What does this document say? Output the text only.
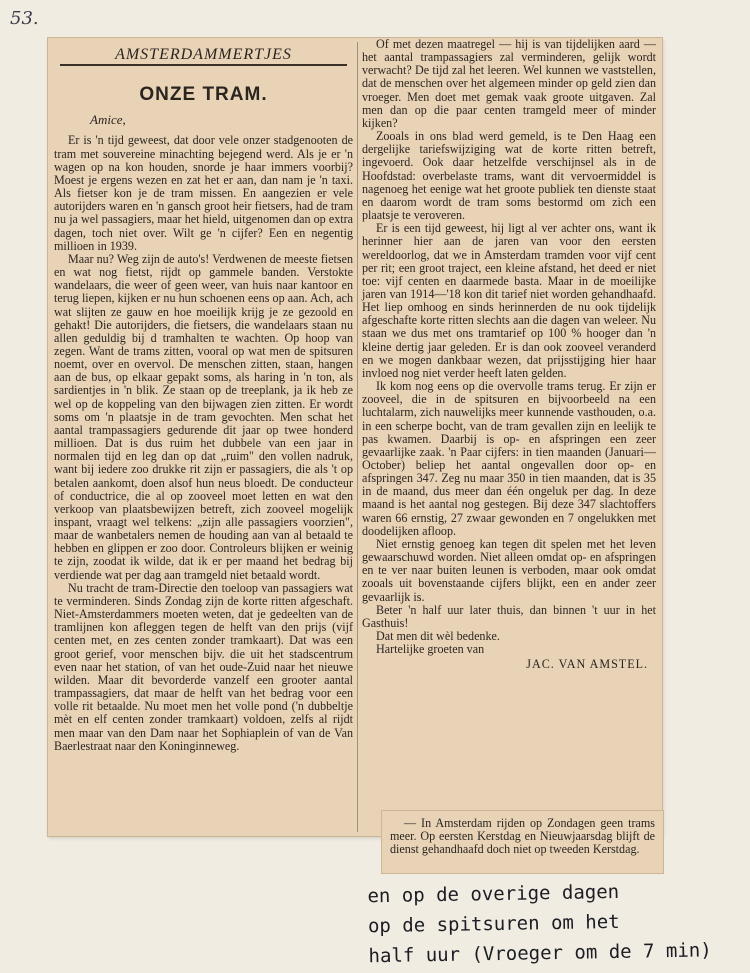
53.
AMSTERDAMMERTJES
ONZE TRAM.

Amice,

Er is 'n tijd geweest, dat door vele onzer stadgenooten de tram met souvereine minachting bejegend werd. Als je er 'n wagen op na kon houden, snorde je haar immers voorbij? Moest je ergens wezen en zat het er aan, dan nam je 'n taxi. Als fietser kon je de tram missen. En aangezien er vele autorijders waren en 'n gansch groot heir fietsers, had de tram nu ja wel passagiers, maar het hield, uitgenomen dan op extra dagen, toch niet over. Wilt ge 'n cijfer? Een en negentig millioen in 1939.

Maar nu? Weg zijn de auto's! Verdwenen de meeste fietsen en wat nog fietst, rijdt op gammele banden. Verstokte wandelaars, die weer of geen weer, van huis naar kantoor en terug liepen, kijken er nu hun schoenen eens op aan. Ach, ach wat slijten ze gauw en hoe moeilijk krijg je ze gezoold en gehakt! Die autorijders, die fietsers, die wandelaars staan nu allen geduldig bij d tramhalten te wachten. Op hoop van zegen. Want de trams zitten, vooral op wat men de spitsuren noemt, over en overvol. De menschen zitten, staan, hangen aan de bus, op elkaar gepakt soms, als haring in 'n ton, als sardientjes in 'n blik. Ze staan op de treeplank, ja ik heb ze wel op de koppeling van den bijwagen zien zitten. Er wordt soms om 'n plaatsje in de tram gevochten. Men schat het aantal trampassagiers gedurende dit jaar op twee honderd millioen. Dat is dus ruim het dubbele van een jaar in normalen tijd en leg dan op dat „ruim" den vollen nadruk, want bij iedere zoo drukke rit zijn er passagiers, die als 't op betalen aankomt, doen alsof hun neus bloedt. De conducteur of conductrice, die al op zooveel moet letten en wat den verkoop van plaatsbewijzen betreft, zich zooveel mogelijk inspant, vraagt wel telkens: „zijn alle passagiers voorzien", maar de wanbetalers nemen de houding aan van al betaald te hebben en glippen er zoo door. Controleurs blijken er weinig te zijn, zoodat ik wilde, dat ik er per maand het bedrag bij verdiende wat per dag aan tramgeld niet betaald wordt.

Nu tracht de tram-Directie den toeloop van passagiers wat te verminderen. Sinds Zondag zijn de korte ritten afgeschaft. Niet-Amsterdammers moeten weten, dat je gedeelten van de tramlijnen kon afleggen tegen de helft van den prijs (vijf centen met, en zes centen zonder tramkaart). Dat was een groot gerief, voor menschen bijv. die uit het stadscentrum even naar het station, of van het oude-Zuid naar het nieuwe wilden. Maar dit bevorderde vanzelf een grooter aantal trampassagiers, dat maar de helft van het bedrag voor een volle rit betaalde. Nu moet men het volle pond ('n dubbeltje mèt en elf centen zonder tramkaart) voldoen, zelfs al rijdt men maar van den Dam naar het Sophiaplein of van de Van Baerlestraat naar den Koninginneweg.

Of met dezen maatregel — hij is van tijdelijken aard — het aantal trampassagiers zal verminderen, gelijk wordt verwacht? De tijd zal het leeren. Wel kunnen we vaststellen, dat de menschen over het algemeen minder op geld zien dan vroeger. Men doet met gemak vaak groote uitgaven. Zal men dan op die paar centen tramgeld meer of minder kijken?

Zooals in ons blad werd gemeld, is te Den Haag een dergelijke tariefswijziging wat de korte ritten betreft, ingevoerd. Ook daar hetzelfde verschijnsel als in de Hoofdstad: overbelaste trams, want dit vervoermiddel is nagenoeg het eenige wat het groote publiek ten dienste staat en daarom wordt de tram soms bestormd om zich een plaatsje te veroveren.

Er is een tijd geweest, hij ligt al ver achter ons, want ik herinner hier aan de jaren van voor den eersten wereldoorlog, dat we in Amsterdam tramden voor vijf cent per rit; een groot traject, een kleine afstand, het deed er niet toe: vijf centen en daarmede basta. Maar in de moeilijke jaren van 1914—'18 kon dit tarief niet worden gehandhaafd. Het liep omhoog en sinds herinnerden de nu ook tijdelijk afgeschafte korte ritten slechts aan die dagen van weleer. Nu staan we dus met ons tramtarief op 100 % hooger dan 'n kleine dertig jaar geleden. Er is dan ook zooveel veranderd en we mogen dankbaar wezen, dat prijsstijging hier haar invloed nog niet verder heeft laten gelden.

Ik kom nog eens op die overvolle trams terug. Er zijn er zooveel, die in de spitsuren en bijvoorbeeld na een luchtalarm, zich nauwelijks meer kunnende vasthouden, o.a. in een scherpe bocht, van de tram gevallen zijn en leelijk te pas kwamen. Daarbij is op- en afspringen een zeer gevaarlijke zaak. 'n Paar cijfers: in tien maanden (Januari—October) beliep het aantal ongevallen door op- en afspringen 347. Zeg nu maar 350 in tien maanden, dat is 35 in de maand, dus meer dan één ongeluk per dag. In deze maand is het aantal nog gestegen. Bij deze 347 slachtoffers waren 66 ernstig, 27 zwaar gewonden en 7 ongelukken met doodelijken afloop.

Niet ernstig genoeg kan tegen dit spelen met het leven gewaarschuwd worden. Niet alleen omdat op- en afspringen en te ver naar buiten leunen is verboden, maar ook omdat zooals uit bovenstaande cijfers blijkt, een en ander zeer gevaarlijk is.

Beter 'n half uur later thuis, dan binnen 't uur in het Gasthuis!

Dat men dit wèl bedenke.

Hartelijke groeten van

JAC. VAN AMSTEL.

— In Amsterdam rijden op Zondagen geen trams meer. Op eersten Kerstdag en Nieuwjaarsdag blijft de dienst gehandhaafd doch niet op tweeden Kerstdag.

en op de overige dagen
op de spitsuren om het
half uur (Vroeger om de 7 min)
